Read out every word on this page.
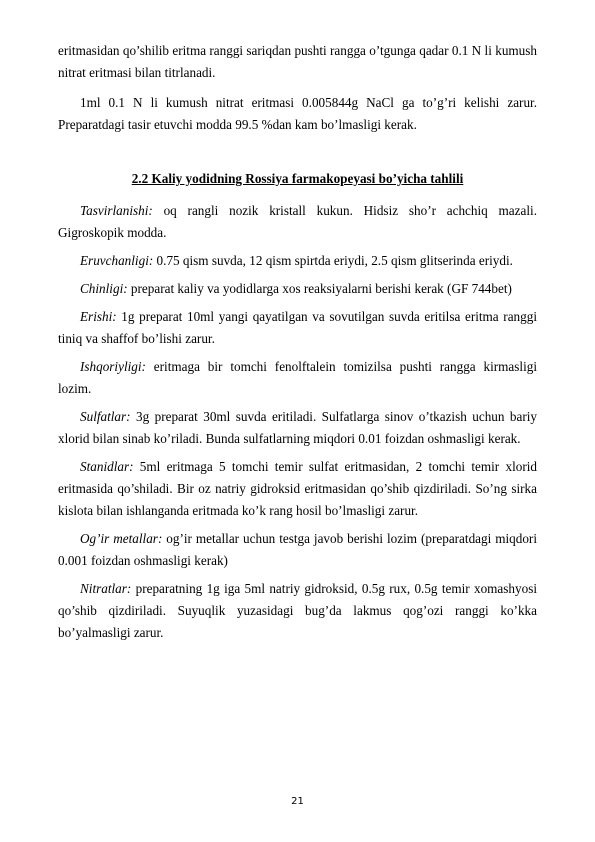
eritmasidan qo’shilib eritma ranggi sariqdan pushti rangga o’tgunga qadar 0.1 N li kumush nitrat eritmasi bilan titrlanadi.

1ml 0.1 N li kumush nitrat eritmasi 0.005844g NaCl ga to’g’ri kelishi zarur. Preparatdagi tasir etuvchi modda 99.5 %dan kam bo’lmasligi kerak.

2.2 Kaliy yodidning Rossiya farmakopeyasi bo’yicha tahlili

Tasvirlanishi: oq rangli nozik kristall kukun. Hidsiz sho’r achchiq mazali. Gigroskopik modda.

Eruvchanligi: 0.75 qism suvda, 12 qism spirtda eriydi, 2.5 qism glitserinda eriydi.

Chinligi: preparat kaliy va yodidlarga xos reaksiyalarni berishi kerak (GF 744bet)

Erishi: 1g preparat 10ml yangi qayatilgan va sovutilgan suvda eritilsa eritma ranggi tiniq va shaffof bo’lishi zarur.

Ishqoriyligi: eritmaga bir tomchi fenolftalein tomizilsa pushti rangga kirmasligi lozim.

Sulfatlar: 3g preparat 30ml suvda eritiladi. Sulfatlarga sinov o’tkazish uchun bariy xlorid bilan sinab ko’riladi. Bunda sulfatlarning miqdori 0.01 foizdan oshmasligi kerak.

Stanidlar: 5ml eritmaga 5 tomchi temir sulfat eritmasidan, 2 tomchi temir xlorid eritmasida qo’shiladi. Bir oz natriy gidroksid eritmasidan qo’shib qizdiriladi. So’ng sirka kislota bilan ishlanganda eritmada ko’k rang hosil bo’lmasligi zarur.

Og’ir metallar: og’ir metallar uchun testga javob berishi lozim (preparatdagi miqdori 0.001 foizdan oshmasligi kerak)

Nitratlar: preparatning 1g iga 5ml natriy gidroksid, 0.5g rux, 0.5g temir xomashyosi qo’shib qizdiriladi. Suyuqlik yuzasidagi bug’da lakmus qog’ozi ranggi ko’kka bo’yalmasligi zarur.

21
